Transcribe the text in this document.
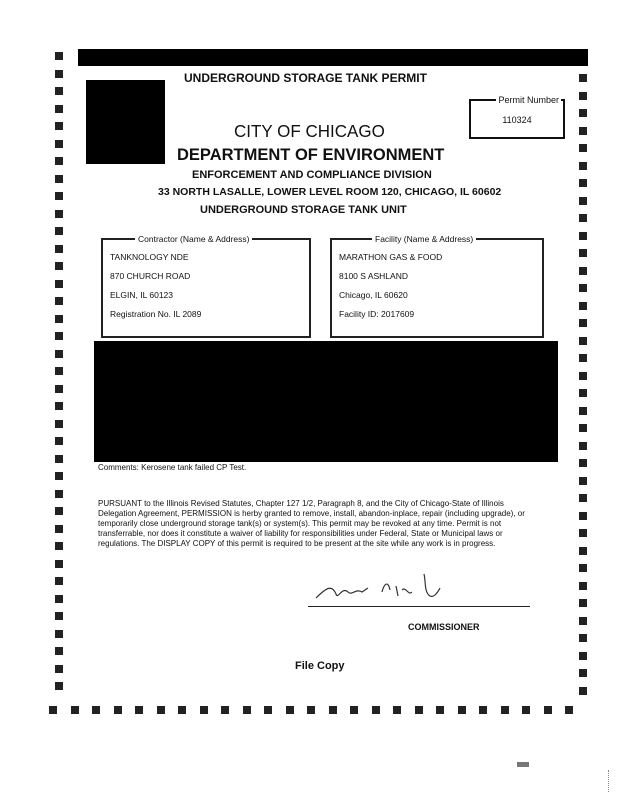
UNDERGROUND STORAGE TANK PERMIT
Permit Number
110324
CITY OF CHICAGO
DEPARTMENT OF ENVIRONMENT
ENFORCEMENT AND COMPLIANCE DIVISION
33 NORTH LASALLE, LOWER LEVEL ROOM 120, CHICAGO, IL 60602
UNDERGROUND STORAGE TANK UNIT
Contractor (Name & Address)
TANKNOLOGY NDE
870 CHURCH ROAD
ELGIN, IL 60123
Registration No. IL 2089
Facility (Name & Address)
MARATHON GAS & FOOD
8100 S ASHLAND
Chicago, IL 60620
Facility ID: 2017609
Comments: Kerosene tank failed CP Test.
PURSUANT to the Illinois Revised Statutes, Chapter 127 1/2, Paragraph 8, and the City of Chicago-State of Illinois Delegation Agreement, PERMISSION is herby granted to remove, install, abandon-inplace, repair (including upgrade), or temporarily close underground storage tank(s) or system(s). This permit may be revoked at any time. Permit is not transferrable, nor does it constitute a waiver of liability for responsibilities under Federal, State or Municipal laws or regulations. The DISPLAY COPY of this permit is required to be present at the site while any work is in progress.
COMMISSIONER
File Copy
